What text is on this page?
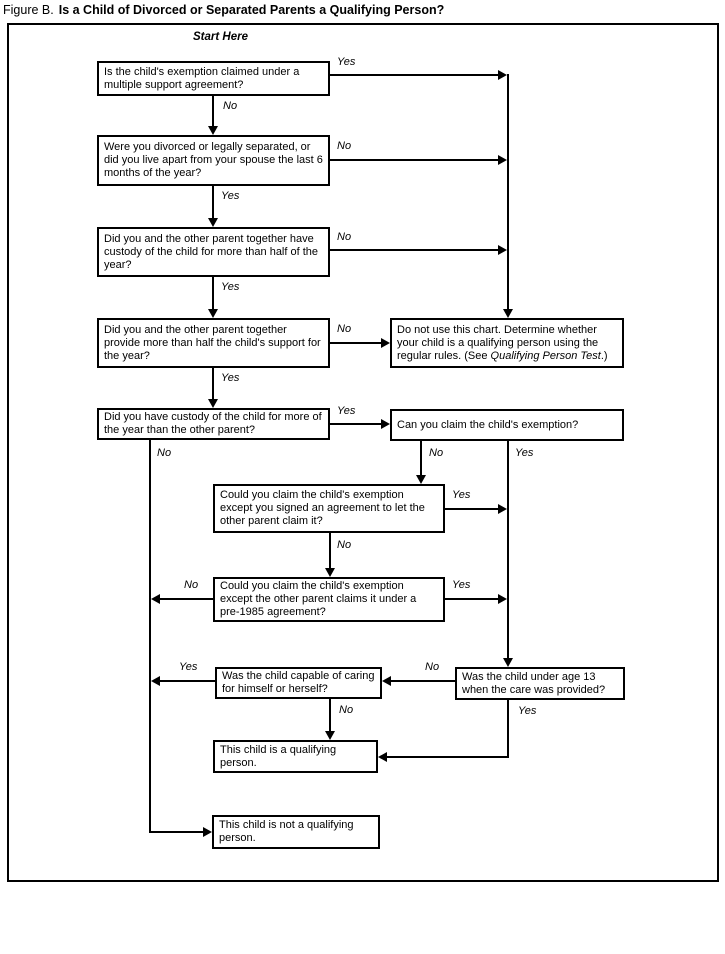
Figure B. Is a Child of Divorced or Separated Parents a Qualifying Person?
Start Here
Is the child's exemption claimed under a multiple support agreement?
Were you divorced or legally separated, or did you live apart from your spouse the last 6 months of the year?
Did you and the other parent together have custody of the child for more than half of the year?
Did you and the other parent together provide more than half the child's support for the year?
Do not use this chart. Determine whether your child is a qualifying person using the regular rules. (See Qualifying Person Test.)
Did you have custody of the child for more of the year than the other parent?	Can you claim the child's exemption?
Could you claim the child's exemption except you signed an agreement to let the other parent claim it?
Could you claim the child's exemption except the other parent claims it under a pre-1985 agreement?
Was the child capable of caring for himself or herself?
Was the child under age 13 when the care was provided?
This child is a qualifying person.
This child is not a qualifying person.
Yes
No
No
Yes
No
Yes
No
Yes
Yes
No	No	Yes
Yes
No
Yes
No
Yes	No
No	Yes
